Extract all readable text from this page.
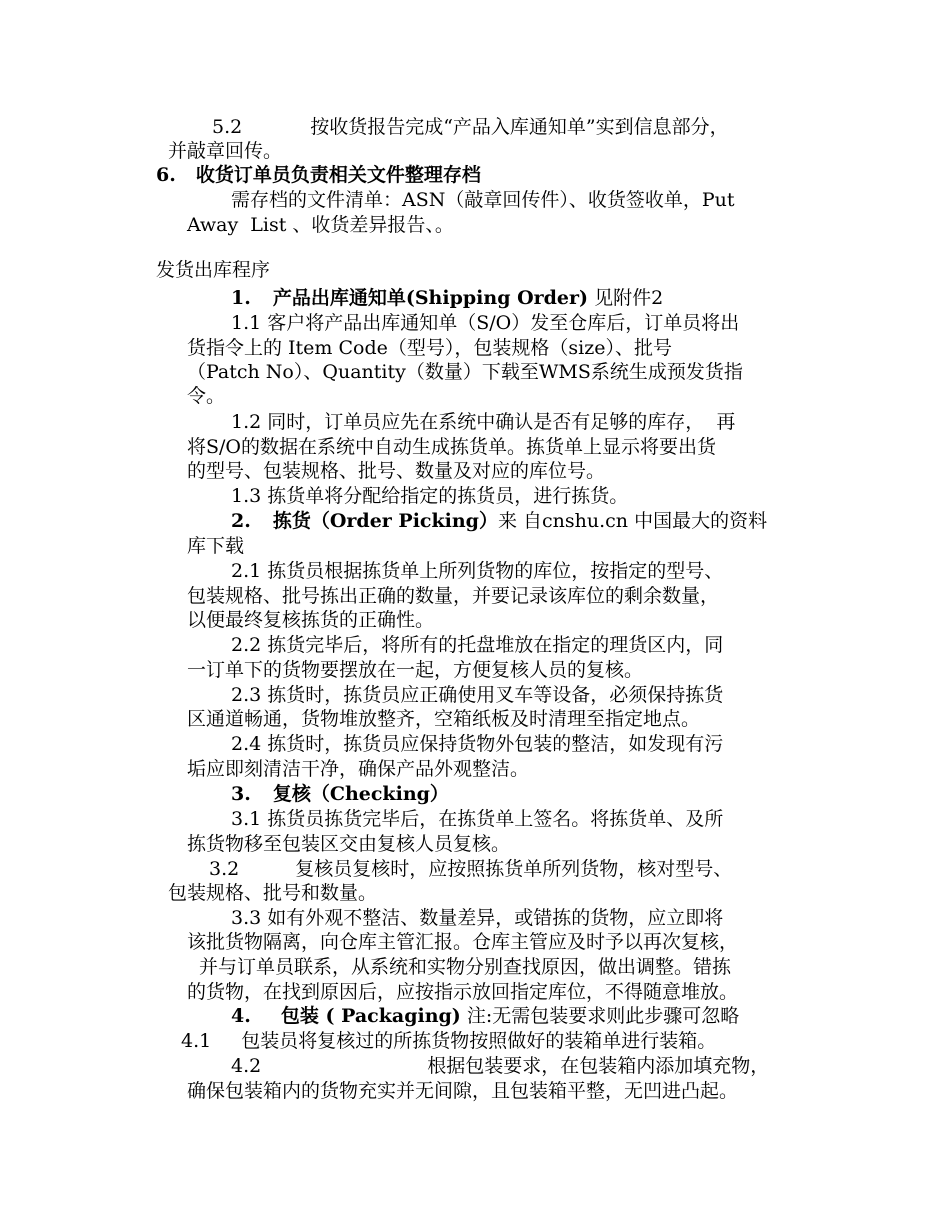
5.2	按收货报告完成“产品入库通知单”实到信息部分，
并敲章回传。
6. 收货订单员负责相关文件整理存档
需存档的文件清单：ASN（敲章回传件）、收货签收单，Put
Away  List 、收货差异报告、。
发货出库程序
1. 产品出库通知单(Shipping Order) 见附件2
1.1 客户将产品出库通知单（S/O）发至仓库后，订单员将出
货指令上的 Item Code（型号），包装规格（size）、批号
（Patch No）、Quantity（数量）下载至WMS系统生成预发货指
令。
1.2 同时，订单员应先在系统中确认是否有足够的库存，  再
将S/O的数据在系统中自动生成拣货单。拣货单上显示将要出货
的型号、包装规格、批号、数量及对应的库位号。
1.3 拣货单将分配给指定的拣货员，进行拣货。
2. 拣货（Order Picking）来 自cnshu.cn 中国最大的资料
库下载
2.1 拣货员根据拣货单上所列货物的库位，按指定的型号、
包装规格、批号拣出正确的数量，并要记录该库位的剩余数量，
以便最终复核拣货的正确性。
2.2 拣货完毕后，将所有的托盘堆放在指定的理货区内，同
一订单下的货物要摆放在一起，方便复核人员的复核。
2.3 拣货时，拣货员应正确使用叉车等设备，必须保持拣货
区通道畅通，货物堆放整齐，空箱纸板及时清理至指定地点。
2.4 拣货时，拣货员应保持货物外包装的整洁，如发现有污
垢应即刻清洁干净，确保产品外观整洁。
3. 复核（Checking）
3.1 拣货员拣货完毕后，在拣货单上签名。将拣货单、及所
拣货物移至包装区交由复核人员复核。
3.2	复核员复核时，应按照拣货单所列货物，核对型号、
包装规格、批号和数量。
3.3 如有外观不整洁、数量差异，或错拣的货物，应立即将
该批货物隔离，向仓库主管汇报。仓库主管应及时予以再次复核，
并与订单员联系，从系统和实物分别查找原因，做出调整。错拣
的货物，在找到原因后，应按指示放回指定库位，不得随意堆放。
4. 包装 ( Packaging) 注:无需包装要求则此步骤可忽略
4.1 包装员将复核过的所拣货物按照做好的装箱单进行装箱。
4.2	根据包装要求，在包装箱内添加填充物，
确保包装箱内的货物充实并无间隙，且包装箱平整，无凹进凸起。
